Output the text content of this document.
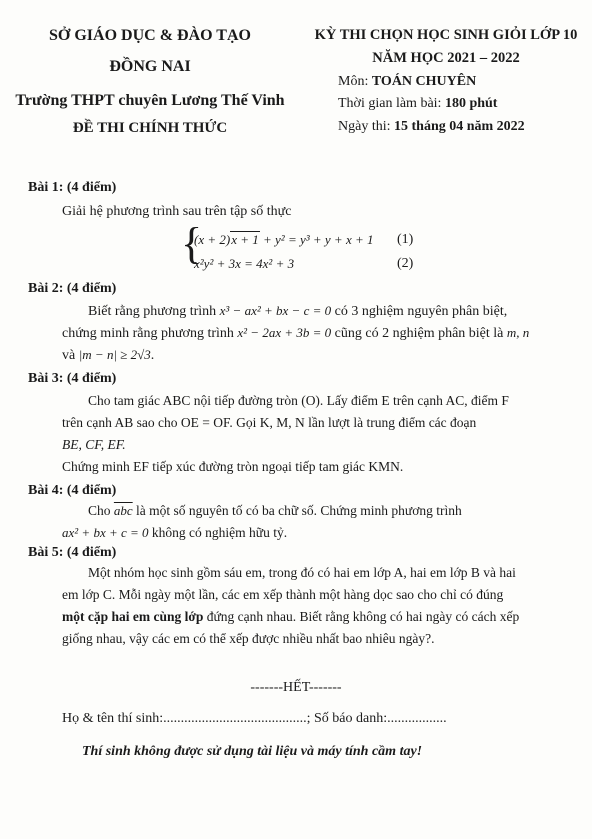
SỞ GIÁO DỤC & ĐÀO TẠO
ĐỒNG NAI
Trường THPT chuyên Lương Thế Vinh
ĐỀ THI CHÍNH THỨC
KỲ THI CHỌN HỌC SINH GIỎI LỚP 10
NĂM HỌC 2021 – 2022
Môn: TOÁN CHUYÊN
Thời gian làm bài: 180 phút
Ngày thi: 15 tháng 04 năm 2022
Bài 1: (4 điểm)
Giải hệ phương trình sau trên tập số thực
{
(x + 2)x + 1 + y² = y³ + y + x + 1 (1)
x²y² + 3x = 4x² + 3	(2)
Bài 2: (4 điểm)
Biết rằng phương trình x³ − ax² + bx − c = 0 có 3 nghiệm nguyên phân biệt,
chứng minh rằng phương trình x² − 2ax + 3b = 0 cũng có 2 nghiệm phân biệt là m, n
và |m − n| ≥ 2√3.
Bài 3: (4 điểm)
Cho tam giác ABC nội tiếp đường tròn (O). Lấy điểm E trên cạnh AC, điểm F
trên cạnh AB sao cho OE = OF. Gọi K, M, N lần lượt là trung điểm các đoạn
BE, CF, EF.
Chứng minh EF tiếp xúc đường tròn ngoại tiếp tam giác KMN.
Bài 4: (4 điểm)
Cho $\overline{abc}$ là một số nguyên tố có ba chữ số. Chứng minh phương trình
ax² + bx + c = 0 không có nghiệm hữu tỷ.
Bài 5: (4 điểm)
Một nhóm học sinh gồm sáu em, trong đó có hai em lớp A, hai em lớp B và hai
em lớp C. Mỗi ngày một lần, các em xếp thành một hàng dọc sao cho chỉ có đúng
một cặp hai em cùng lớp đứng cạnh nhau. Biết rằng không có hai ngày có cách xếp
giống nhau, vậy các em có thể xếp được nhiều nhất bao nhiêu ngày?.
-------HẾT-------
Họ & tên thí sinh:.........................................; Số báo danh:.................
Thí sinh không được sử dụng tài liệu và máy tính cầm tay!
